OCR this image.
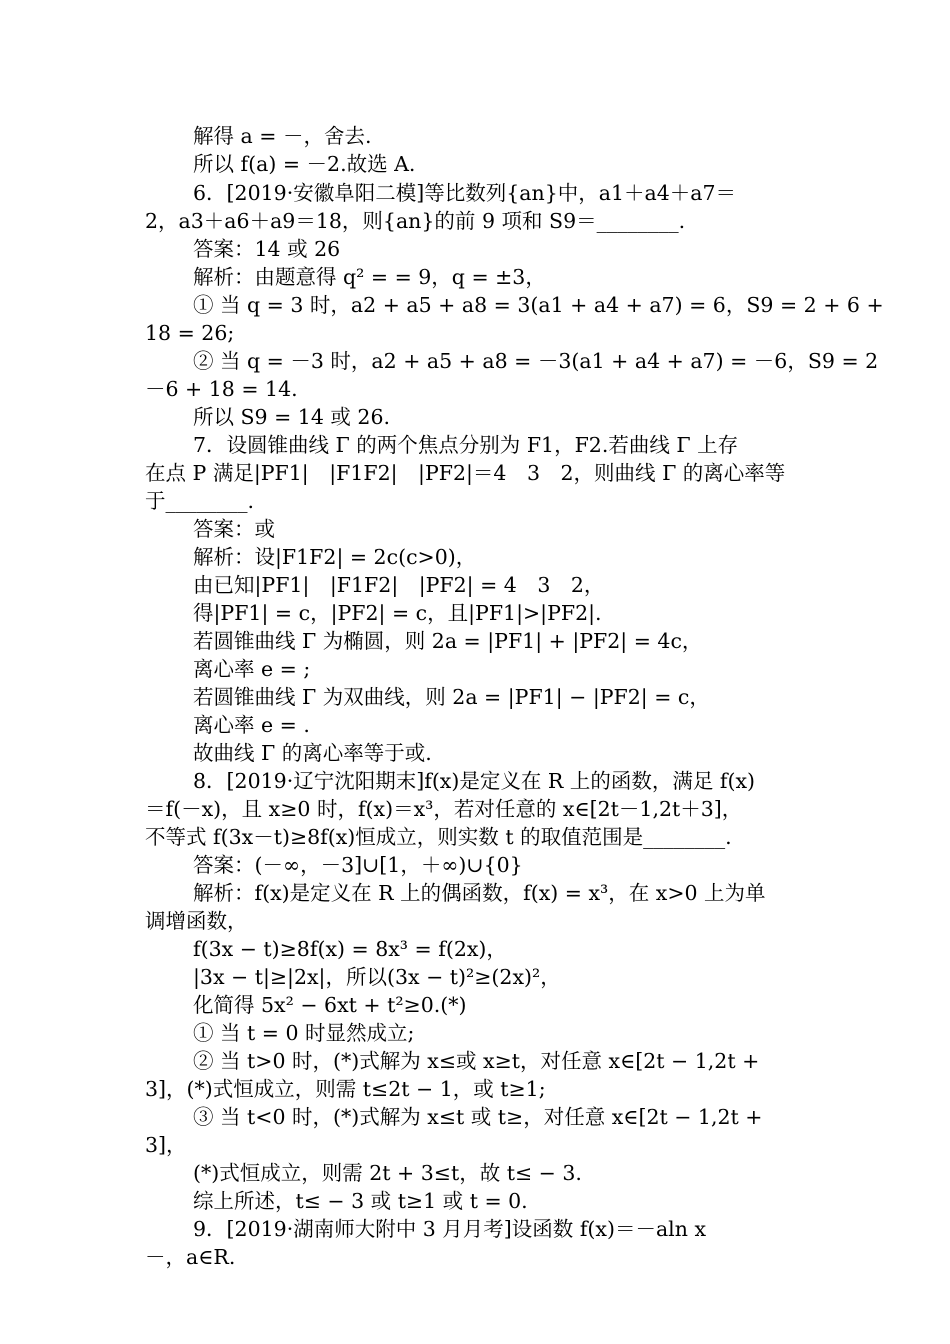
解得 a = －，舍去.
所以 f(a) = －2.故选 A.
6．[2019·安徽阜阳二模]等比数列{an}中，a1＋a4＋a7＝
2，a3＋a6＋a9＝18，则{an}的前 9 项和 S9＝________.
答案：14 或 26
解析：由题意得 q² = = 9，q = ±3，
① 当 q = 3 时，a2 + a5 + a8 = 3(a1 + a4 + a7) = 6，S9 = 2 + 6 +
18 = 26;
② 当 q = －3 时，a2 + a5 + a8 = －3(a1 + a4 + a7) = －6，S9 = 2
－6 + 18 = 14.
所以 S9 = 14 或 26.
7．设圆锥曲线 Γ 的两个焦点分别为 F1，F2.若曲线 Γ 上存
在点 P 满足|PF1|　|F1F2|　|PF2|＝4　3　2，则曲线 Γ 的离心率等
于________.
答案：或
解析：设|F1F2| = 2c(c>0)，
由已知|PF1|　|F1F2|　|PF2| = 4　3　2，
得|PF1| = c，|PF2| = c，且|PF1|>|PF2|.
若圆锥曲线 Γ 为椭圆，则 2a = |PF1| + |PF2| = 4c，
离心率 e = ;
若圆锥曲线 Γ 为双曲线，则 2a = |PF1| − |PF2| = c，
离心率 e = .
故曲线 Γ 的离心率等于或.
8．[2019·辽宁沈阳期末]f(x)是定义在 R 上的函数，满足 f(x)
＝f(－x)，且 x≥0 时，f(x)＝x³，若对任意的 x∈[2t－1,2t＋3]，
不等式 f(3x－t)≥8f(x)恒成立，则实数 t 的取值范围是________.
答案：(－∞，－3]∪[1，＋∞)∪{0}
解析：f(x)是定义在 R 上的偶函数，f(x) = x³，在 x>0 上为单
调增函数，
f(3x − t)≥8f(x) = 8x³ = f(2x)，
|3x − t|≥|2x|，所以(3x − t)²≥(2x)²，
化简得 5x² − 6xt + t²≥0.(*)
① 当 t = 0 时显然成立;
② 当 t>0 时，(*)式解为 x≤或 x≥t，对任意 x∈[2t − 1,2t +
3]，(*)式恒成立，则需 t≤2t − 1，或 t≥1;
③ 当 t<0 时，(*)式解为 x≤t 或 t≥，对任意 x∈[2t − 1,2t +
3]，
(*)式恒成立，则需 2t + 3≤t，故 t≤ − 3.
综上所述，t≤ − 3 或 t≥1 或 t = 0.
9．[2019·湖南师大附中 3 月月考]设函数 f(x)＝－aln x
－，a∈R.
